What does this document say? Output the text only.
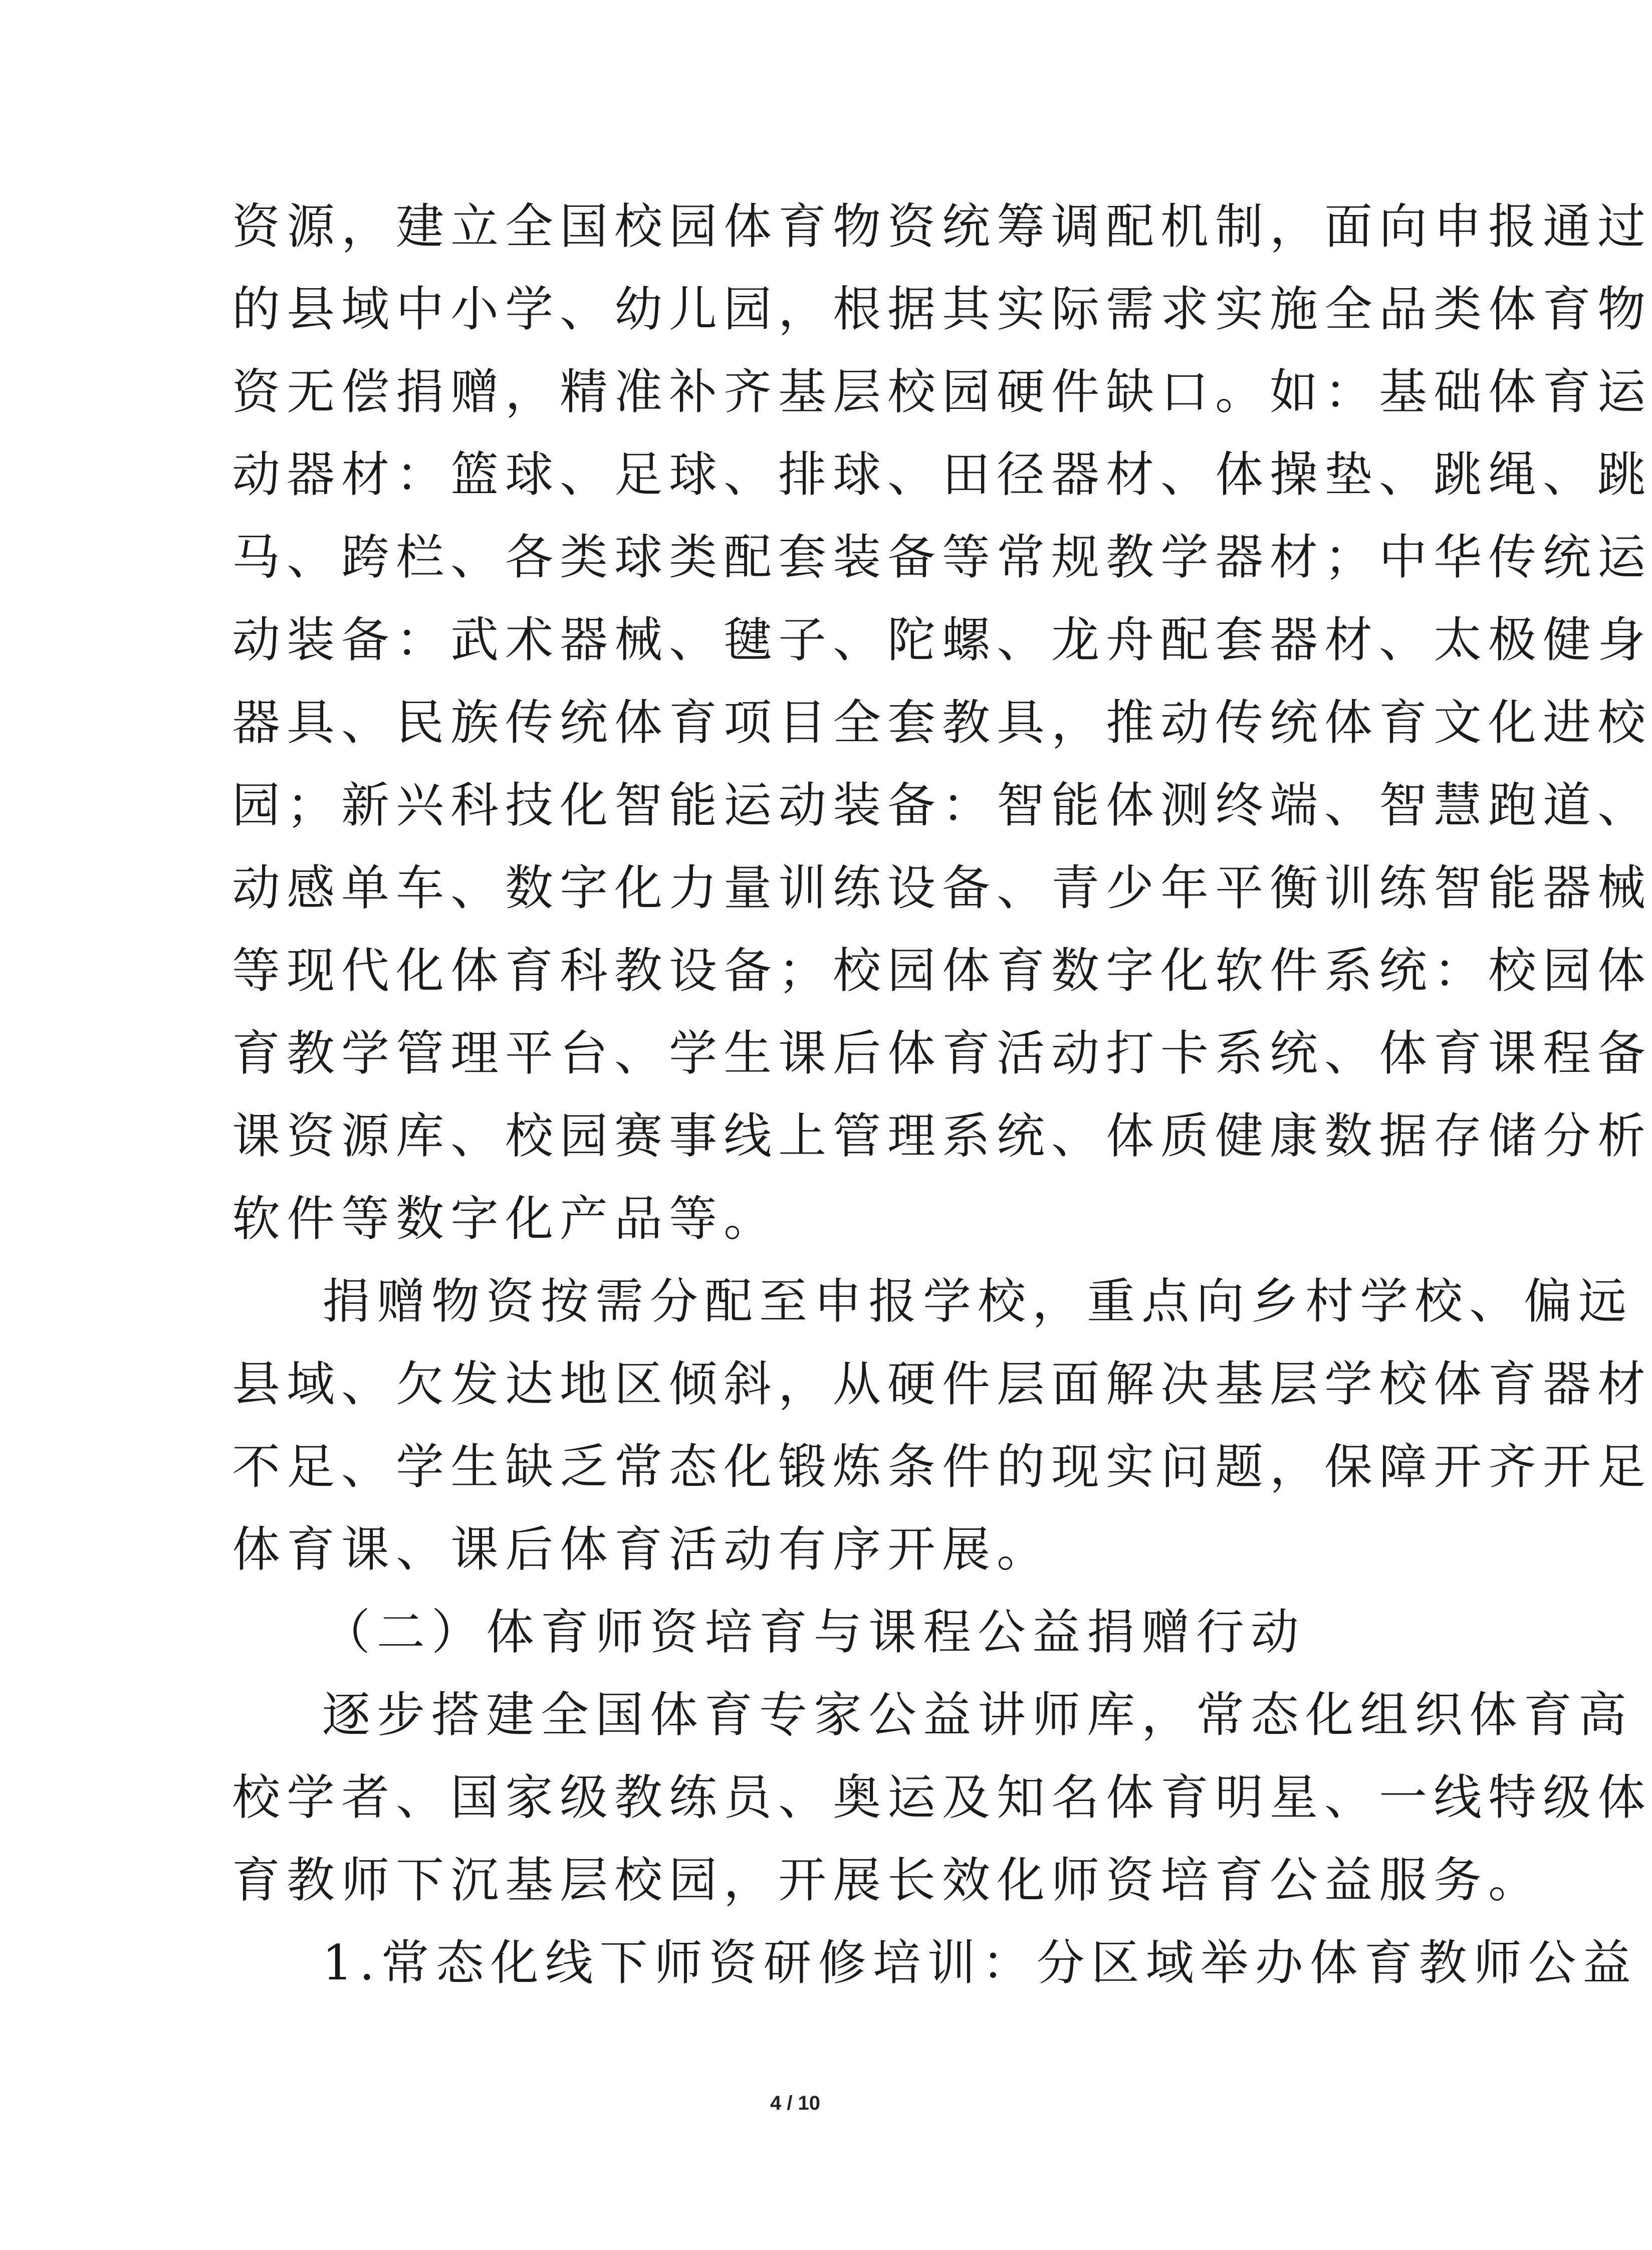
资源，建立全国校园体育物资统筹调配机制，面向申报通过
的县域中小学、幼儿园，根据其实际需求实施全品类体育物
资无偿捐赠，精准补齐基层校园硬件缺口。如：基础体育运
动器材：篮球、足球、排球、田径器材、体操垫、跳绳、跳
马、跨栏、各类球类配套装备等常规教学器材；中华传统运
动装备：武术器械、毽子、陀螺、龙舟配套器材、太极健身
器具、民族传统体育项目全套教具，推动传统体育文化进校
园；新兴科技化智能运动装备：智能体测终端、智慧跑道、
动感单车、数字化力量训练设备、青少年平衡训练智能器械
等现代化体育科教设备；校园体育数字化软件系统：校园体
育教学管理平台、学生课后体育活动打卡系统、体育课程备
课资源库、校园赛事线上管理系统、体质健康数据存储分析
软件等数字化产品等。
捐赠物资按需分配至申报学校，重点向乡村学校、偏远
县域、欠发达地区倾斜，从硬件层面解决基层学校体育器材
不足、学生缺乏常态化锻炼条件的现实问题，保障开齐开足
体育课、课后体育活动有序开展。
（二）体育师资培育与课程公益捐赠行动
逐步搭建全国体育专家公益讲师库，常态化组织体育高
校学者、国家级教练员、奥运及知名体育明星、一线特级体
育教师下沉基层校园，开展长效化师资培育公益服务。
1.常态化线下师资研修培训：分区域举办体育教师公益
4 / 10
